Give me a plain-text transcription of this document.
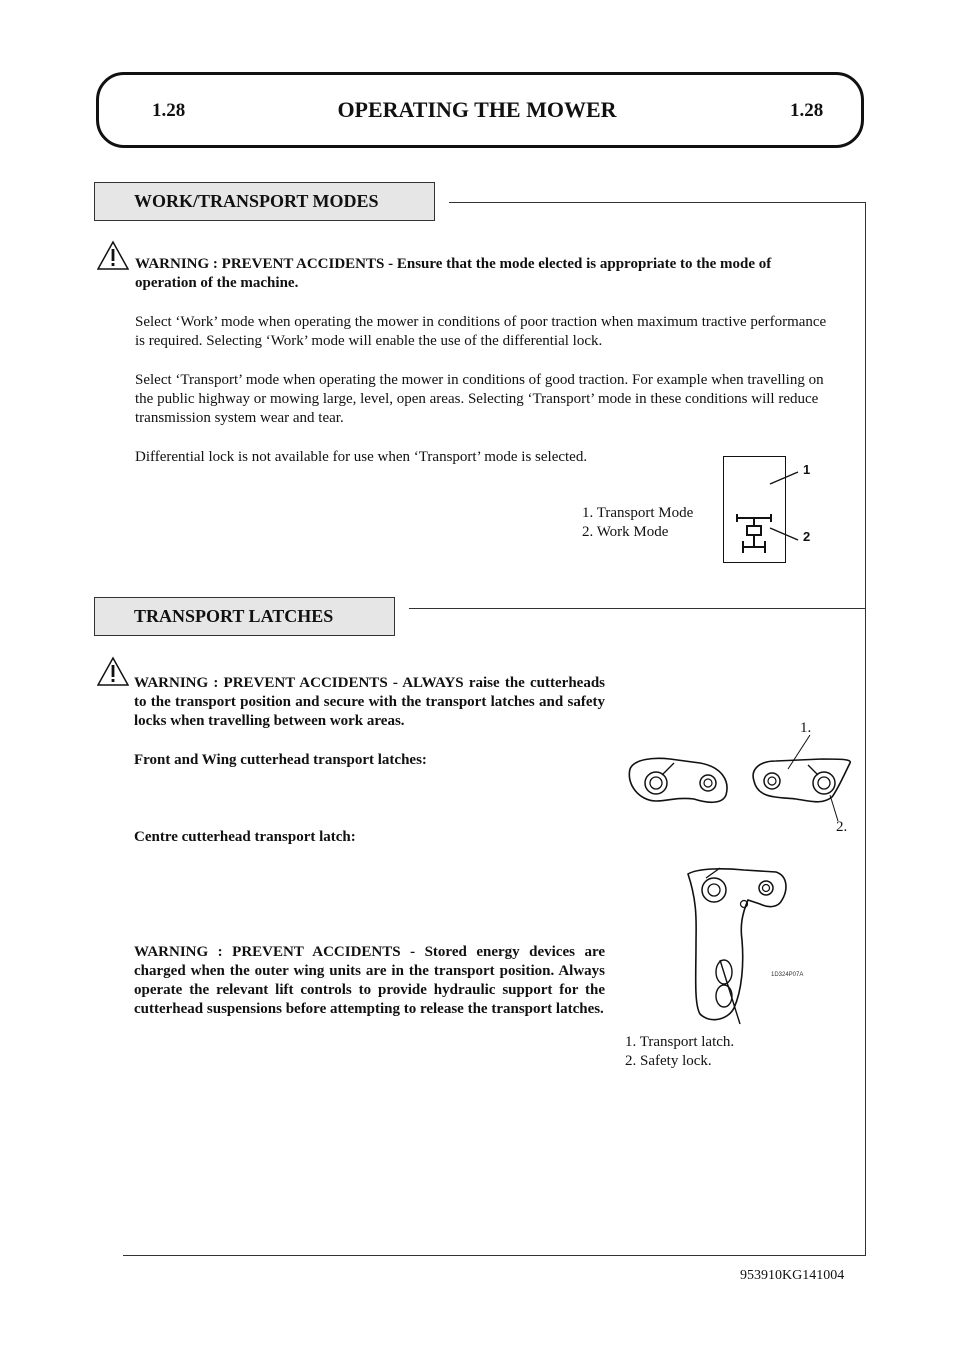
1.28	OPERATING THE MOWER	1.28
WORK/TRANSPORT MODES
WARNING : PREVENT ACCIDENTS - Ensure that the mode elected is appropriate to the mode of operation of the machine.
Select ‘Work’ mode when operating the mower in conditions of poor traction when maximum tractive performance is required. Selecting ‘Work’ mode will enable the use of the differential lock.
Select ‘Transport’ mode when operating the mower in conditions of good traction. For example when travelling on the public highway or mowing large, level, open areas. Selecting ‘Transport’ mode in these conditions will reduce transmission system wear and tear.
Differential lock is not available for use when ‘Transport’ mode is selected.
1. Transport Mode
2. Work Mode
1
2
TRANSPORT LATCHES
WARNING : PREVENT ACCIDENTS - ALWAYS raise the cutterheads to the transport position and secure with the transport latches and safety locks when travelling between work areas.
Front and Wing cutterhead transport latches:
Centre cutterhead transport latch:
WARNING : PREVENT ACCIDENTS - Stored energy devices are charged when the outer wing units are in the transport position. Always operate the relevant lift controls to provide hydraulic support for the cutterhead suspensions before attempting to release the transport latches.
1.
2.
1D324P07A
1. Transport latch.
2. Safety lock.
953910KG141004
